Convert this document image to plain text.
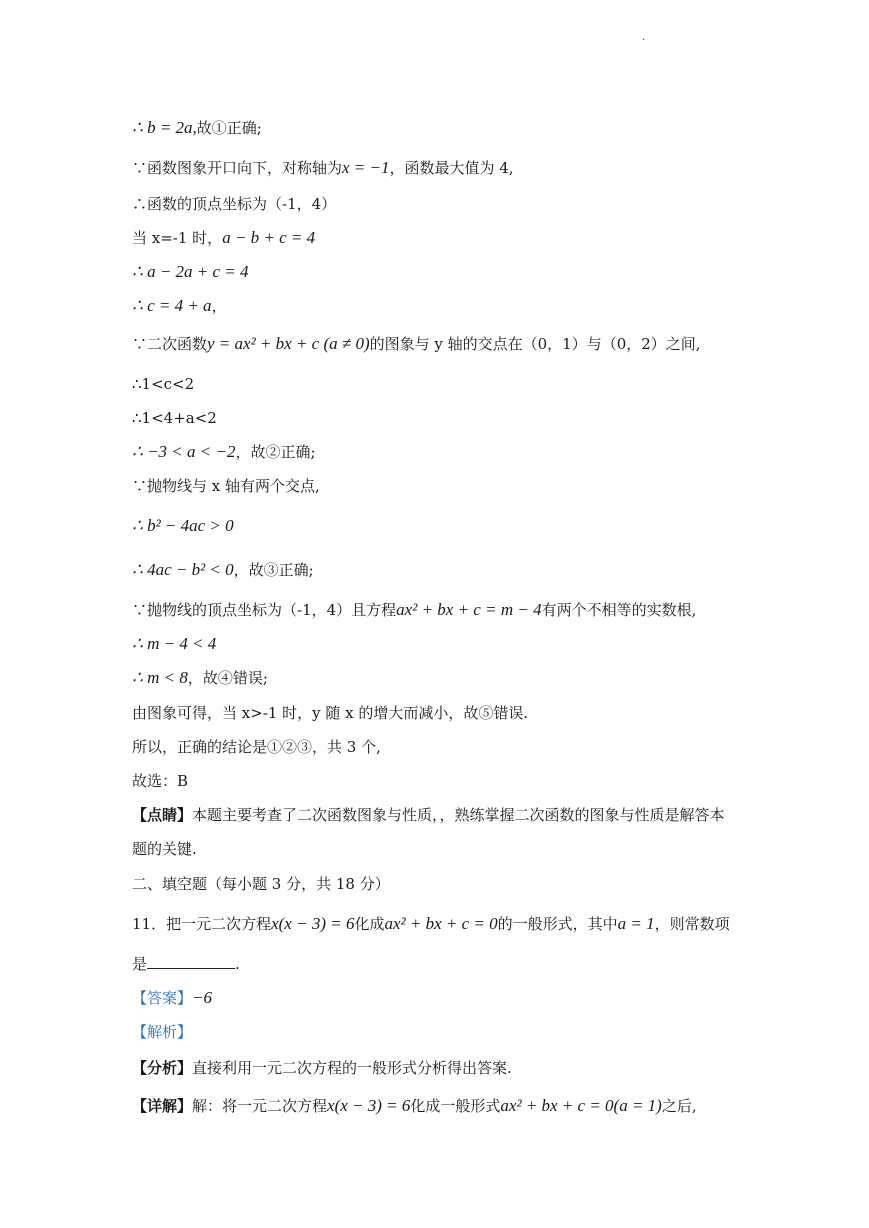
.
∴ b = 2a,故①正确;
∵函数图象开口向下，对称轴为x = −1，函数最大值为 4,
∴函数的顶点坐标为（-1，4）
当 x=-1 时，a − b + c = 4
∴ a − 2a + c = 4
∴ c = 4 + a，
∵二次函数y = ax² + bx + c (a ≠ 0)的图象与 y 轴的交点在（0，1）与（0，2）之间,
∴1<c<2
∴1<4+a<2
∴ −3 < a < −2，故②正确;
∵抛物线与 x 轴有两个交点,
∴ b² − 4ac > 0
∴ 4ac − b² < 0，故③正确;
∵抛物线的顶点坐标为（-1，4）且方程ax² + bx + c = m − 4有两个不相等的实数根,
∴ m − 4 < 4
∴ m < 8，故④错误;
由图象可得，当 x>-1 时，y 随 x 的增大而减小，故⑤错误.
所以，正确的结论是①②③，共 3 个,
故选：B
【点睛】本题主要考查了二次函数图象与性质，，熟练掌握二次函数的图象与性质是解答本
题的关键.
二、填空题（每小题 3 分，共 18 分）
11．把一元二次方程x(x − 3) = 6化成ax² + bx + c = 0的一般形式，其中a = 1，则常数项
是	.
【答案】−6
【解析】
【分析】直接利用一元二次方程的一般形式分析得出答案.
【详解】解：将一元二次方程x(x − 3) = 6化成一般形式ax² + bx + c = 0(a = 1)之后,
